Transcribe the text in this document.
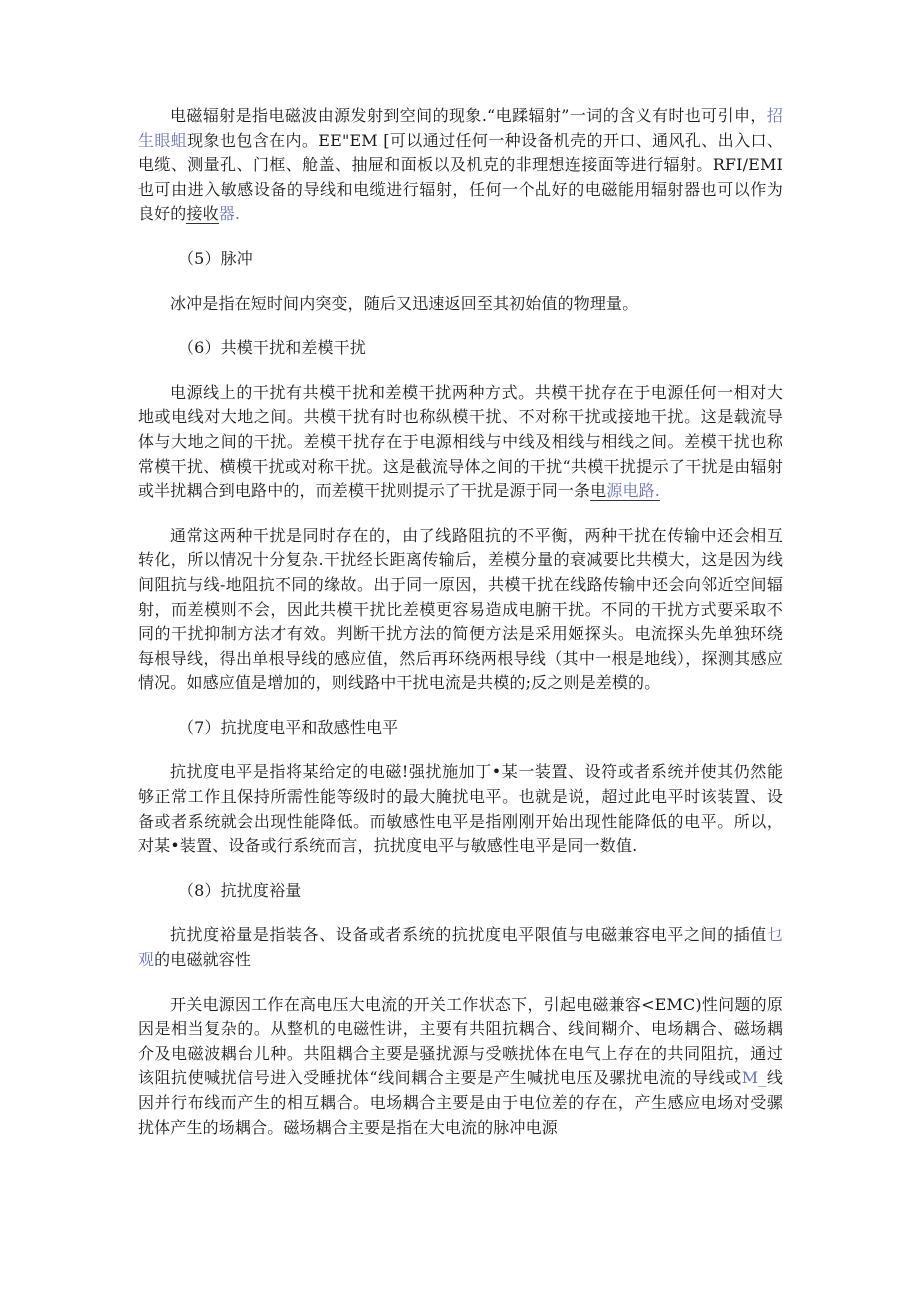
电磁辐射是指电磁波由源发射到空间的现象.“电蹂辐射”一词的含义有时也可引申，招生眼蛆现象也包含在内。EE"EM [可以通过任何一种设备机壳的开口、通风孔、出入口、电缆、测量孔、门框、舱盖、抽屉和面板以及机克的非理想连接面等进行辐射。RFI/EMI也可由进入敏感设备的导线和电缆进行辐射，任何一个乩好的电磁能用辐射器也可以作为良好的接收器.

（5）脉冲

冰冲是指在短时间内突变，随后又迅速返回至其初始值的物理量。

（6）共模干扰和差模干扰

电源线上的干扰有共模干扰和差模干扰两种方式。共模干扰存在于电源任何一相对大地或电线对大地之间。共模干扰有时也称纵模干扰、不对称干扰或接地干扰。这是载流导体与大地之间的干扰。差模干扰存在于电源相线与中线及相线与相线之间。差模干扰也称常模干扰、横模干扰或对称干扰。这是截流导体之间的干扰“共模干扰提示了干扰是由辐射或半扰耦合到电路中的，而差模干扰则提示了干扰是源于同一条电源电路.

通常这两种干扰是同时存在的，由了线路阻抗的不平衡，两种干扰在传输中还会相互转化，所以情况十分复杂.干扰经长距离传输后，差模分量的衰减要比共模大，这是因为线间阻抗与线-地阻抗不同的缘故。出于同一原因，共模干扰在线路传输中还会向邻近空间辐射，而差模则不会，因此共模干扰比差模更容易造成电腑干扰。不同的干扰方式要采取不同的干扰抑制方法才有效。判断干扰方法的简便方法是采用姬探头。电流探头先单独环绕每根导线，得出单根导线的感应值，然后再环绕两根导线（其中一根是地线），探测其感应情况。如感应值是增加的，则线路中干扰电流是共模的;反之则是差模的。

（7）抗扰度电平和敌感性电平

抗扰度电平是指将某给定的电磁!强扰施加丁•某一装置、设符或者系统并使其仍然能够正常工作且保持所需性能等级时的最大腌扰电平。也就是说，超过此电平时该装置、设备或者系统就会出现性能降低。而敏感性电平是指刚刚开始出现性能降低的电平。所以，对某•装置、设备或行系统而言，抗扰度电平与敏感性电平是同一数值.

（8）抗扰度裕量

抗扰度裕量是指装各、设备或者系统的抗扰度电平限值与电磁兼容电平之间的插值乜观的电磁就容性

开关电源因工作在高电压大电流的开关工作状态下，引起电磁兼容<EMC)性问题的原因是相当复杂的。从整机的电磁性讲，主要有共阻抗耦合、线间糊介、电场耦合、磁场耦介及电磁波耦台儿种。共阻耦合主要是骚扰源与受嗾扰体在电气上存在的共同阻抗，通过该阻抗使喊扰信号进入受睡扰体“线间耦合主要是产生喊扰电压及骡扰电流的导线或M_线因并行布线而产生的相互耦合。电场耦合主要是由于电位差的存在，产生感应电场对受骡扰体产生的场耦合。磁场耦合主要是指在大电流的脉冲电源
